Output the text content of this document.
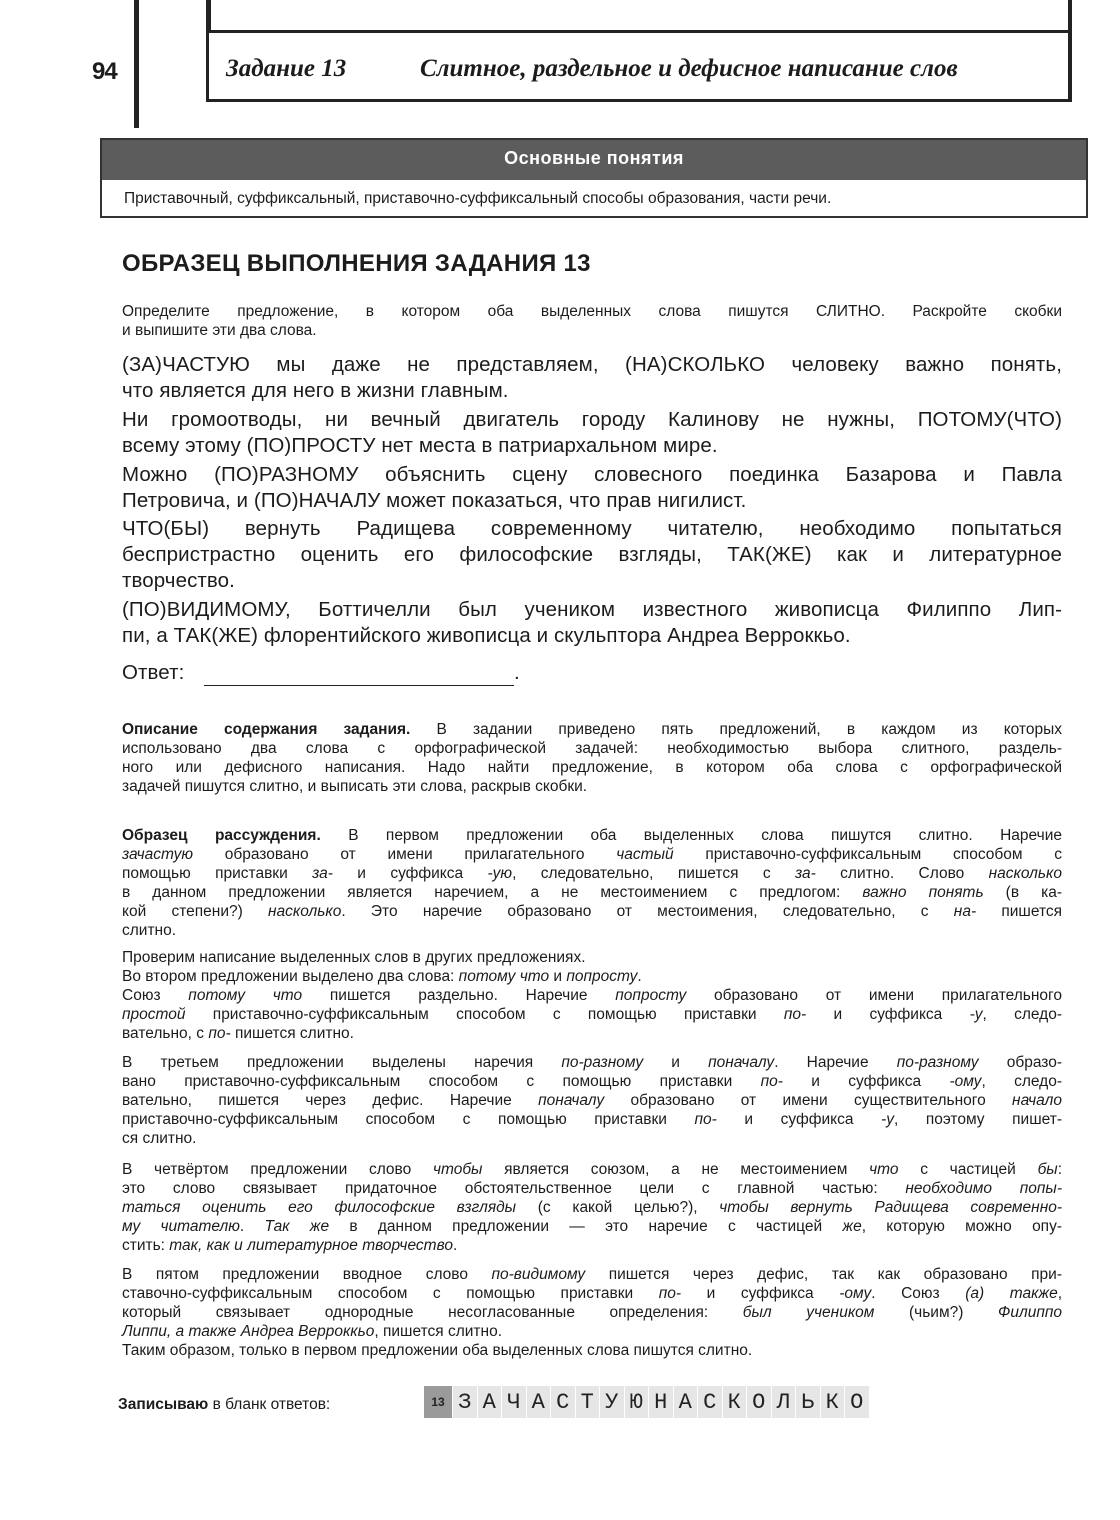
94	Задание 13	Слитное, раздельное и дефисное написание слов
Основные понятия
Приставочный, суффиксальный, приставочно-суффиксальный способы образования, части речи.
ОБРАЗЕЦ ВЫПОЛНЕНИЯ ЗАДАНИЯ 13
Определите предложение, в котором оба выделенных слова пишутся СЛИТНО. Раскройте скобки
и выпишите эти два слова.
(ЗА)ЧАСТУЮ мы даже не представляем, (НА)СКОЛЬКО человеку важно понять,
что является для него в жизни главным.
Ни громоотводы, ни вечный двигатель городу Калинову не нужны, ПОТОМУ(ЧТО)
всему этому (ПО)ПРОСТУ нет места в патриархальном мире.
Можно (ПО)РАЗНОМУ объяснить сцену словесного поединка Базарова и Павла
Петровича, и (ПО)НАЧАЛУ может показаться, что прав нигилист.
ЧТО(БЫ) вернуть Радищева современному читателю, необходимо попытаться
беспристрастно оценить его философские взгляды, ТАК(ЖЕ) как и литературное
творчество.
(ПО)ВИДИМОМУ, Боттичелли был учеником известного живописца Филиппо Лип-
пи, а ТАК(ЖЕ) флорентийского живописца и скульптора Андреа Верроккьо.
Ответ:	.
Описание содержания задания. В задании приведено пять предложений, в каждом из которых
использовано два слова с орфографической задачей: необходимостью выбора слитного, раздель-
ного или дефисного написания. Надо найти предложение, в котором оба слова с орфографической
задачей пишутся слитно, и выписать эти слова, раскрыв скобки.
Образец рассуждения. В первом предложении оба выделенных слова пишутся слитно. Наречие
зачастую образовано от имени прилагательного частый приставочно-суффиксальным способом с
помощью приставки за- и суффикса -ую, следовательно, пишется с за- слитно. Слово насколько
в данном предложении является наречием, а не местоимением с предлогом: важно понять (в ка-
кой степени?) насколько. Это наречие образовано от местоимения, следовательно, с на- пишется
слитно.
Проверим написание выделенных слов в других предложениях.
Во втором предложении выделено два слова: потому что и попросту.
Союз потому что пишется раздельно. Наречие попросту образовано от имени прилагательного
простой приставочно-суффиксальным способом с помощью приставки по- и суффикса -у, следо-
вательно, с по- пишется слитно.
В третьем предложении выделены наречия по-разному и поначалу. Наречие по-разному образо-
вано приставочно-суффиксальным способом с помощью приставки по- и суффикса -ому, следо-
вательно, пишется через дефис. Наречие поначалу образовано от имени существительного начало
приставочно-суффиксальным способом с помощью приставки по- и суффикса -у, поэтому пишет-
ся слитно.
В четвёртом предложении слово чтобы является союзом, а не местоимением что с частицей бы:
это слово связывает придаточное обстоятельственное цели с главной частью: необходимо попы-
таться оценить его философские взгляды (с какой целью?), чтобы вернуть Радищева современно-
му читателю. Так же в данном предложении — это наречие с частицей же, которую можно опу-
стить: так, как и литературное творчество.
В пятом предложении вводное слово по-видимому пишется через дефис, так как образовано при-
ставочно-суффиксальным способом с помощью приставки по- и суффикса -ому. Союз (а) также,
который связывает однородные несогласованные определения: был учеником (чьим?) Филиппо
Липпи, а также Андреа Верроккьо, пишется слитно.
Таким образом, только в первом предложении оба выделенных слова пишутся слитно.
Записываю в бланк ответов:	13 З А Ч А С Т У Ю Н А С К О Л Ь К О
